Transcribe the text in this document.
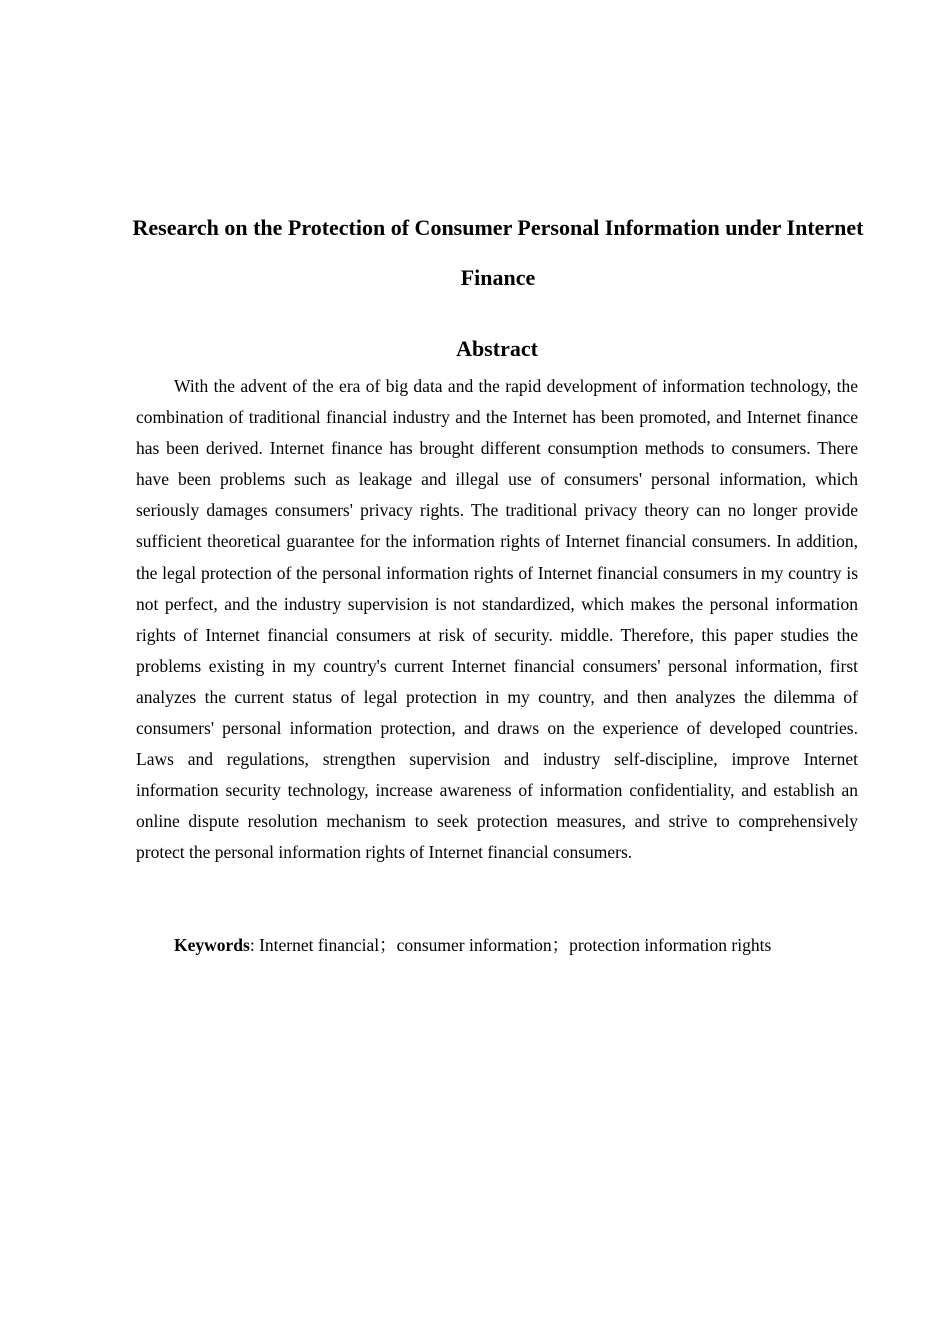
Research on the Protection of Consumer Personal Information under Internet Finance
Abstract

With the advent of the era of big data and the rapid development of information technology, the combination of traditional financial industry and the Internet has been promoted, and Internet finance has been derived. Internet finance has brought different consumption methods to consumers. There have been problems such as leakage and illegal use of consumers' personal information, which seriously damages consumers' privacy rights. The traditional privacy theory can no longer provide sufficient theoretical guarantee for the information rights of Internet financial consumers. In addition, the legal protection of the personal information rights of Internet financial consumers in my country is not perfect, and the industry supervision is not standardized, which makes the personal information rights of Internet financial consumers at risk of security. middle. Therefore, this paper studies the problems existing in my country's current Internet financial consumers' personal information, first analyzes the current status of legal protection in my country, and then analyzes the dilemma of consumers' personal information protection, and draws on the experience of developed countries. Laws and regulations, strengthen supervision and industry self-discipline, improve Internet information security technology, increase awareness of information confidentiality, and establish an online dispute resolution mechanism to seek protection measures, and strive to comprehensively protect the personal information rights of Internet financial consumers.

Keywords: Internet financial；consumer information；protection information rights
